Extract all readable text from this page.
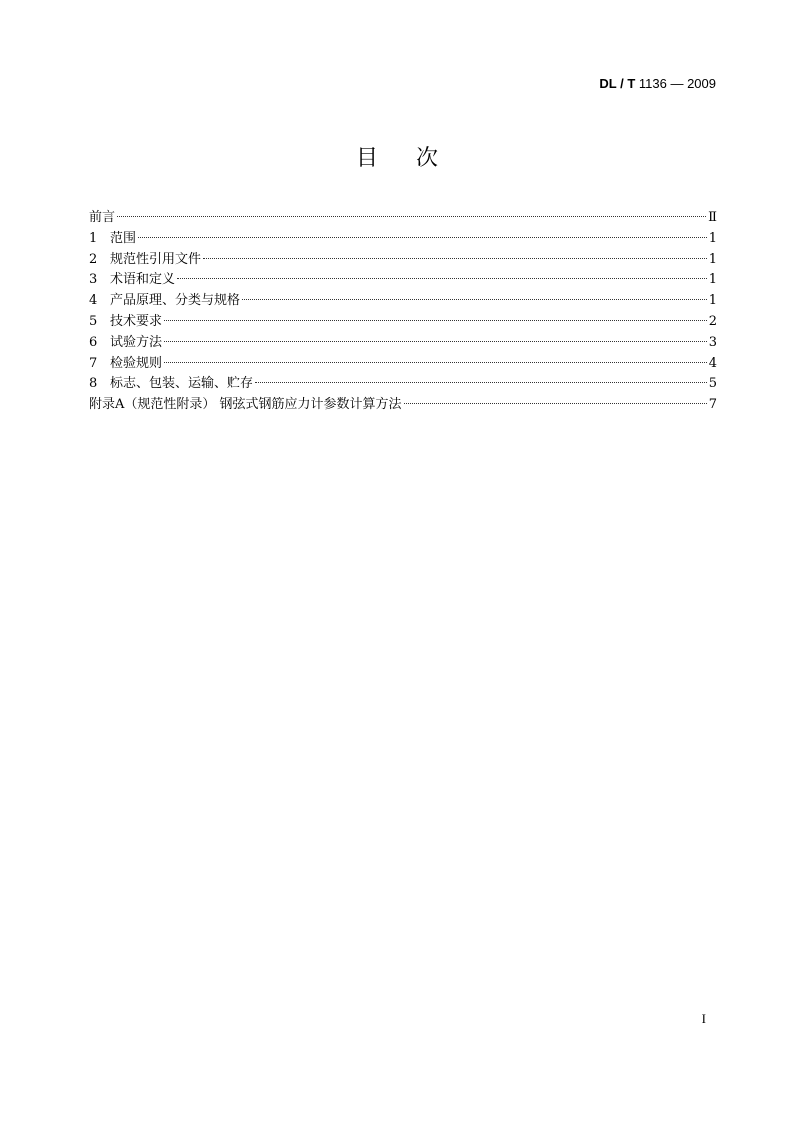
DL / T 1136 — 2009
目次
前言	Ⅱ
1 范围	1
2 规范性引用文件	1
3 术语和定义	1
4 产品原理、分类与规格	1
5 技术要求	2
6 试验方法	3
7 检验规则	4
8 标志、包装、运输、贮存	5
附录A（规范性附录） 钢弦式钢筋应力计参数计算方法	7
I
